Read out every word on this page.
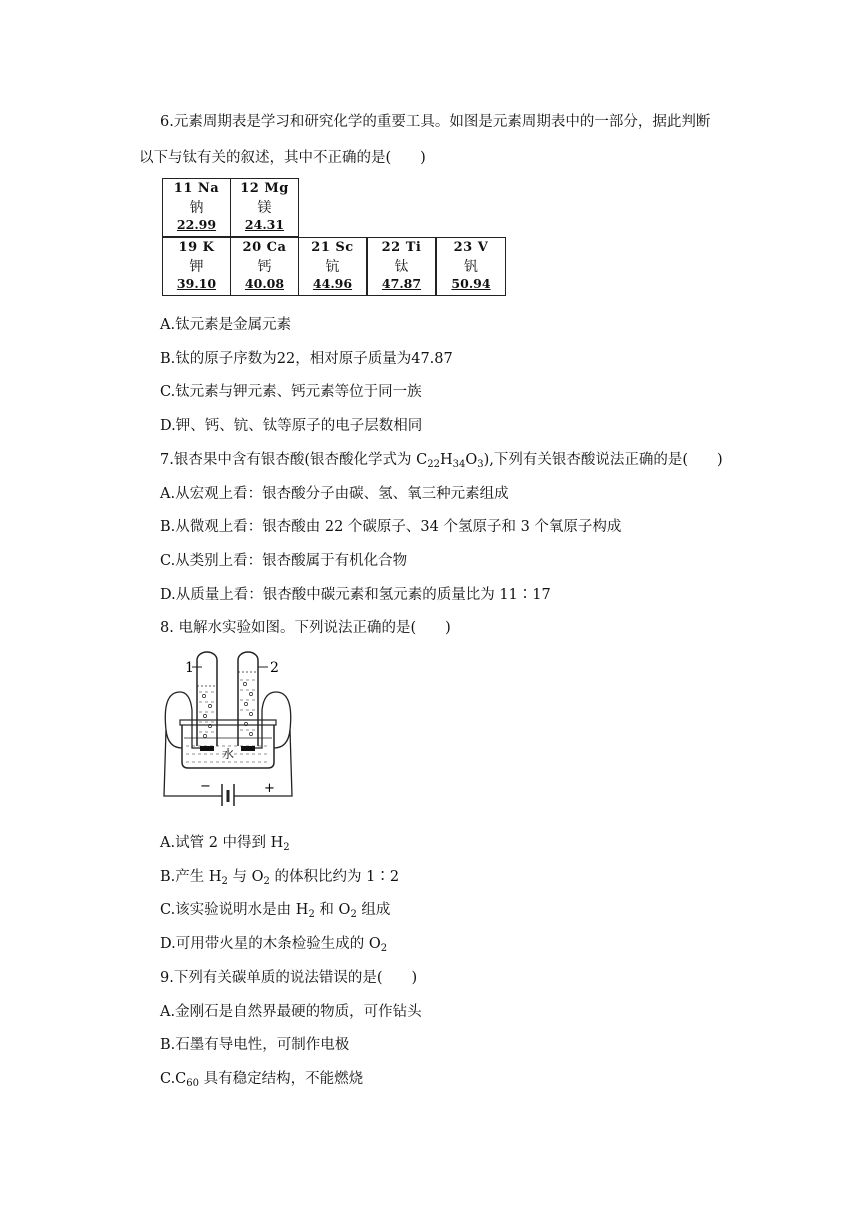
6.元素周期表是学习和研究化学的重要工具。如图是元素周期表中的一部分，据此判断
以下与钛有关的叙述，其中不正确的是(　　)
11 Na
钠
22.99
12 Mg
镁
24.31
19 K
钾
39.10
20 Ca
钙
40.08
21 Sc
钪
44.96
22 Ti
钛
47.87
23 V
钒
50.94
A.钛元素是金属元素
B.钛的原子序数为22，相对原子质量为47.87
C.钛元素与钾元素、钙元素等位于同一族
D.钾、钙、钪、钛等原子的电子层数相同
7.银杏果中含有银杏酸(银杏酸化学式为 $C_{22}H_{34}O_3$),下列有关银杏酸说法正确的是(　　)
A.从宏观上看：银杏酸分子由碳、氢、氧三种元素组成
B.从微观上看：银杏酸由 22 个碳原子、34 个氢原子和 3 个氧原子构成
C.从类别上看：银杏酸属于有机化合物
D.从质量上看：银杏酸中碳元素和氢元素的质量比为 11∶17
8. 电解水实验如图。下列说法正确的是(　　)
1	2
水
−	+
A.试管 2 中得到 $H_2$
B.产生 $H_2$ 与 $O_2$ 的体积比约为 1∶2
C.该实验说明水是由 $H_2$ 和 $O_2$ 组成
D.可用带火星的木条检验生成的 $O_2$
9.下列有关碳单质的说法错误的是(　　)
A.金刚石是自然界最硬的物质，可作钻头
B.石墨有导电性，可制作电极
$C.C_{60}$ 具有稳定结构，不能燃烧
